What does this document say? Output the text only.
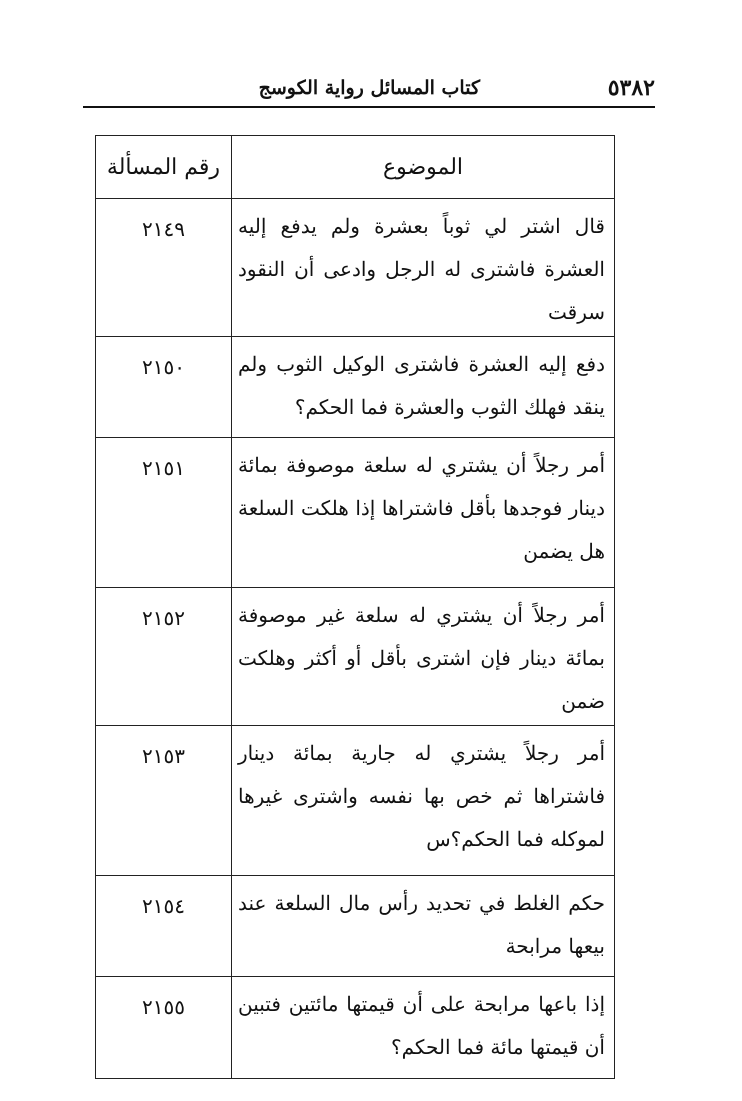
٥٣٨٢
كتاب المسائل رواية الكوسج
الموضوع	رقم المسألة
قال اشتر لي ثوباً بعشرة ولم يدفع إليه العشرة فاشترى له الرجل وادعى أن النقود سرقت	٢١٤٩
دفع إليه العشرة فاشترى الوكيل الثوب ولم ينقد فهلك الثوب والعشرة فما الحكم؟	٢١٥٠
أمر رجلاً أن يشتري له سلعة موصوفة بمائة دينار فوجدها بأقل فاشتراها إذا هلكت السلعة هل يضمن	٢١٥١
أمر رجلاً أن يشتري له سلعة غير موصوفة بمائة دينار فإن اشترى بأقل أو أكثر وهلكت ضمن	٢١٥٢
أمر رجلاً يشتري له جارية بمائة دينار فاشتراها ثم خص بها نفسه واشترى غيرها لموكله فما الحكم؟س	٢١٥٣
حكم الغلط في تحديد رأس مال السلعة عند بيعها مرابحة	٢١٥٤
إذا باعها مرابحة على أن قيمتها مائتين فتبين أن قيمتها مائة فما الحكم؟	٢١٥٥
